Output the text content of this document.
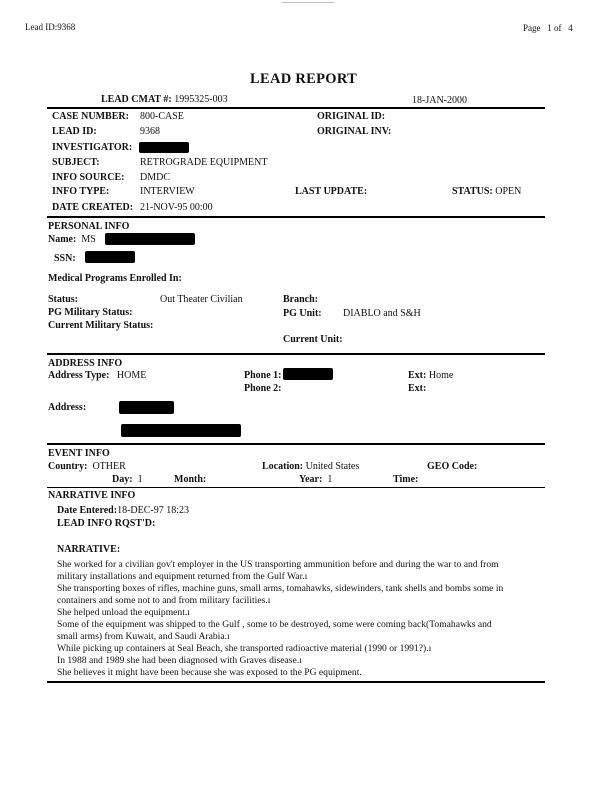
Lead ID:9368	Page 1 of 4
LEAD REPORT
LEAD CMAT #: 1995325-003	18-JAN-2000
CASE NUMBER: 800-CASE
LEAD ID:	9368
INVESTIGATOR:
SUBJECT:	RETROGRADE EQUIPMENT
INFO SOURCE: DMDC
INFO TYPE:	INTERVIEW
DATE CREATED: 21-NOV-95 00:00
ORIGINAL ID:
ORIGINAL INV:
LAST UPDATE:	STATUS: OPEN
PERSONAL INFO
Name: MS
SSN:
Medical Programs Enrolled In:
Status:	Out Theater Civilian
PG Military Status:
Current Military Status:
Branch:
PG Unit: DIABLO and S&H
Current Unit:
ADDRESS INFO
Address Type: HOME	Phone 1:
Phone 2:
Ext: Home
Ext:
Address:
EVENT INFO
Country: OTHER	Location: United States	GEO Code:
Day: 1	Month:	Year: 1	Time:
NARRATIVE INFO
Date Entered:18-DEC-97 18:23
LEAD INFO RQST'D:
NARRATIVE:
She worked for a civilian gov't employer in the US transporting ammunition before and during the war to and from
military installations and equipment returned from the Gulf War.ı
She transporting boxes of rifles, machine guns, small arms, tomahawks, sidewinders, tank shells and bombs some in
containers and some not to and from military facilities.ı
She helped unload the equipment.ı
Some of the equipment was shipped to the Gulf , some to be destroyed, some were coming back(Tomahawks and
small arms) from Kuwait, and Saudi Arabia.ı
While picking up containers at Seal Beach, she transported radioactive material (1990 or 1991?).ı
In 1988 and 1989 she had been diagnosed with Graves disease.ı
She believes it might have been because she was exposed to the PG equipment.
